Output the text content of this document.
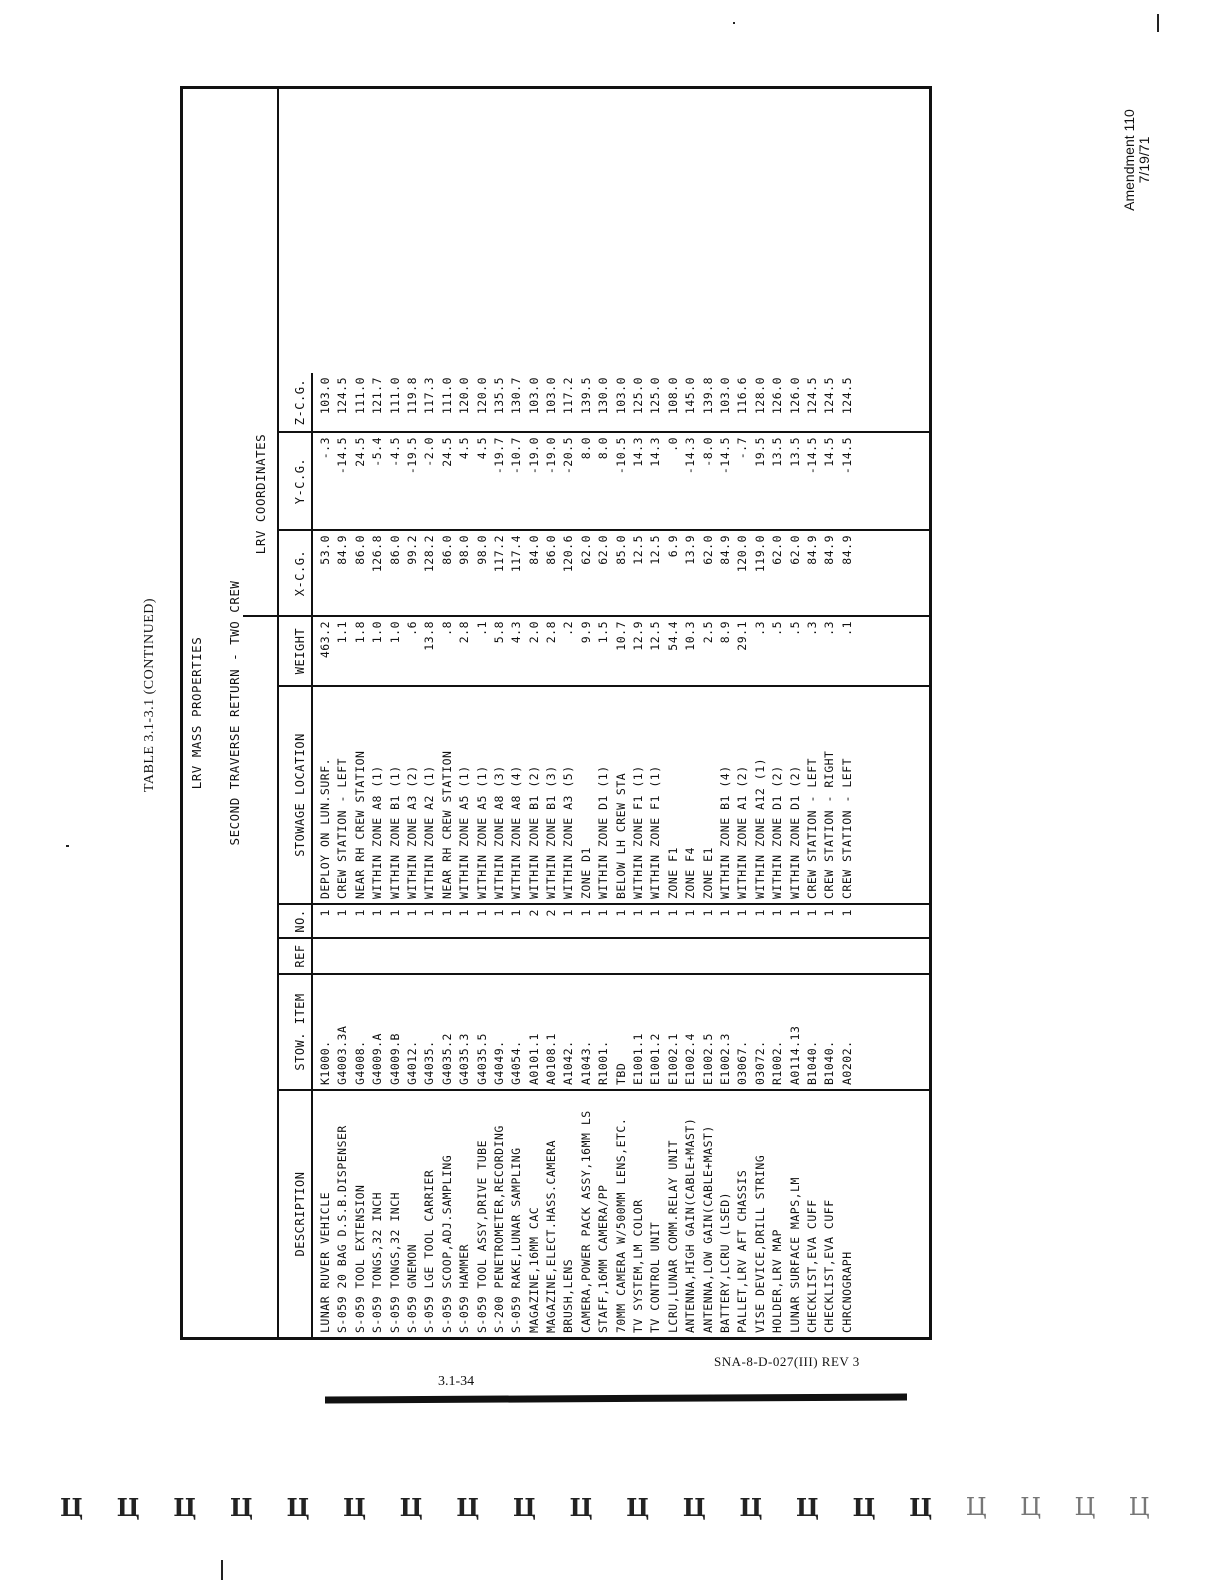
Amendment 110 7/19/71
TABLE 3.1-3.1 (CONTINUED)	LRV MASS PROPERTIES SECOND TRAVERSE RETURN - TWO CREW
DESCRIPTION LUNAR RUVER VEHICLE S-059 20 BAG D.S.B.DISPENSER S-059 TOOL EXTENSION S-059 TONGS,32 INCH S-059 TONGS,32 INCH S-059 GNEMON S-059 LGE TOOL CARRIER S-059 SCOOP,ADJ.SAMPLING S-059 HAMMER S-059 TOOL ASSY,DRIVE TUBE S-200 PENETROMETER,RECORDING S-059 RAKE,LUNAR SAMPLING MAGAZINE,16MM CAC MAGAZINE,ELECT.HASS.CAMERA BRUSH,LENS CAMERA,POWER PACK ASSY,16MM LS STAFF,16MM CAMERA/PP 70MM CAMERA W/500MM LENS,ETC. TV SYSTEM,LM COLOR TV CONTROL UNIT LCRU,LUNAR COMM.RELAY UNIT ANTENNA,HIGH GAIN(CABLE+MAST) ANTENNA,LOW GAIN(CABLE+MAST) BATTERY,LCRU (LSED) PALLET,LRV AFT CHASSIS VISE DEVICE,DRILL STRING HOLDER,LRV MAP LUNAR SURFACE MAPS,LM CHECKLIST,EVA CUFF CHECKLIST,EVA CUFF CHRCNOGRAPH
STOW. ITEM K1000. G4003.3A G4008. G4009.A G4009.B G4012. G4035. G4035.2 G4035.3 G4035.5 G4049. G4054. A0101.1 A0108.1 A1042. A1043. R1001. TBD E1001.1 E1001.2 E1002.1 E1002.4 E1002.5 E1002.3 03067. 03072. R1002. A0114.13 B1040. B1040. A0202.
REF
NO. 1 1 1 1 1 1 1 1 1 1 1 1 2 2 1 1 1 1 1 1 1 1 1 1 1 1 1 1 1 1 1
STOWAGE LOCATION DEPLOY ON LUN.SURF. CREW STATION - LEFT NEAR RH CREW STATION WITHIN ZONE A8 (1) WITHIN ZONE B1 (1) WITHIN ZONE A3 (2) WITHIN ZONE A2 (1) NEAR RH CREW STATION WITHIN ZONE A5 (1) WITHIN ZONE A5 (1) WITHIN ZONE A8 (3) WITHIN ZONE A8 (4) WITHIN ZONE B1 (2) WITHIN ZONE B1 (3) WITHIN ZONE A3 (5) ZONE D1 WITHIN ZONE D1 (1) BELOW LH CREW STA WITHIN ZONE F1 (1) WITHIN ZONE F1 (1) ZONE F1 ZONE F4 ZONE E1 WITHIN ZONE B1 (4) WITHIN ZONE A1 (2) WITHIN ZONE A12 (1) WITHIN ZONE D1 (2) WITHIN ZONE D1 (2) CREW STATION - LEFT CREW STATION - RIGHT CREW STATION - LEFT
WEIGHT 463.2 1.1 1.8 1.0 1.0 .6 13.8 .8 2.8 .1 5.8 4.3 2.0 2.8 .2 9.9 1.5 10.7 12.9 12.5 54.4 10.3 2.5 8.9 29.1 .3 .5 .5 .3 .3 .1
X-C.G. 53.0 84.9 86.0 126.8 86.0 99.2 128.2 86.0 98.0 98.0 117.2 117.4 84.0 86.0 120.6 62.0 62.0 85.0 12.5 12.5 6.9 13.9 62.0 84.9 120.0 119.0 62.0 62.0 84.9 84.9 84.9
Y-C.G.
-.3 -14.5 24.5 -5.4 -4.5 -19.5 -2.0 24.5 4.5 4.5 -19.7 -10.7 -19.0 -19.0 -20.5 8.0 8.0 -10.5 14.3 14.3 .0 -14.3 -8.0 -14.5 -.7 19.5 13.5 13.5 -14.5 14.5 -14.5
Z-C.G. 103.0 124.5 111.0 121.7 111.0 119.8 117.3 111.0 120.0 120.0 135.5 130.7 103.0 103.0 117.2 139.5 130.0 103.0 125.0 125.0 108.0 145.0 139.8 103.0 116.6 128.0 126.0 126.0 124.5 124.5 124.5
LRV COORDINATES
SNA-8-D-027(III) REV 3
3.1-34
Ц Ц Ц Ц Ц Ц Ц Ц Ц Ц Ц Ц Ц Ц Ц Ц Ц Ц Ц Ц
